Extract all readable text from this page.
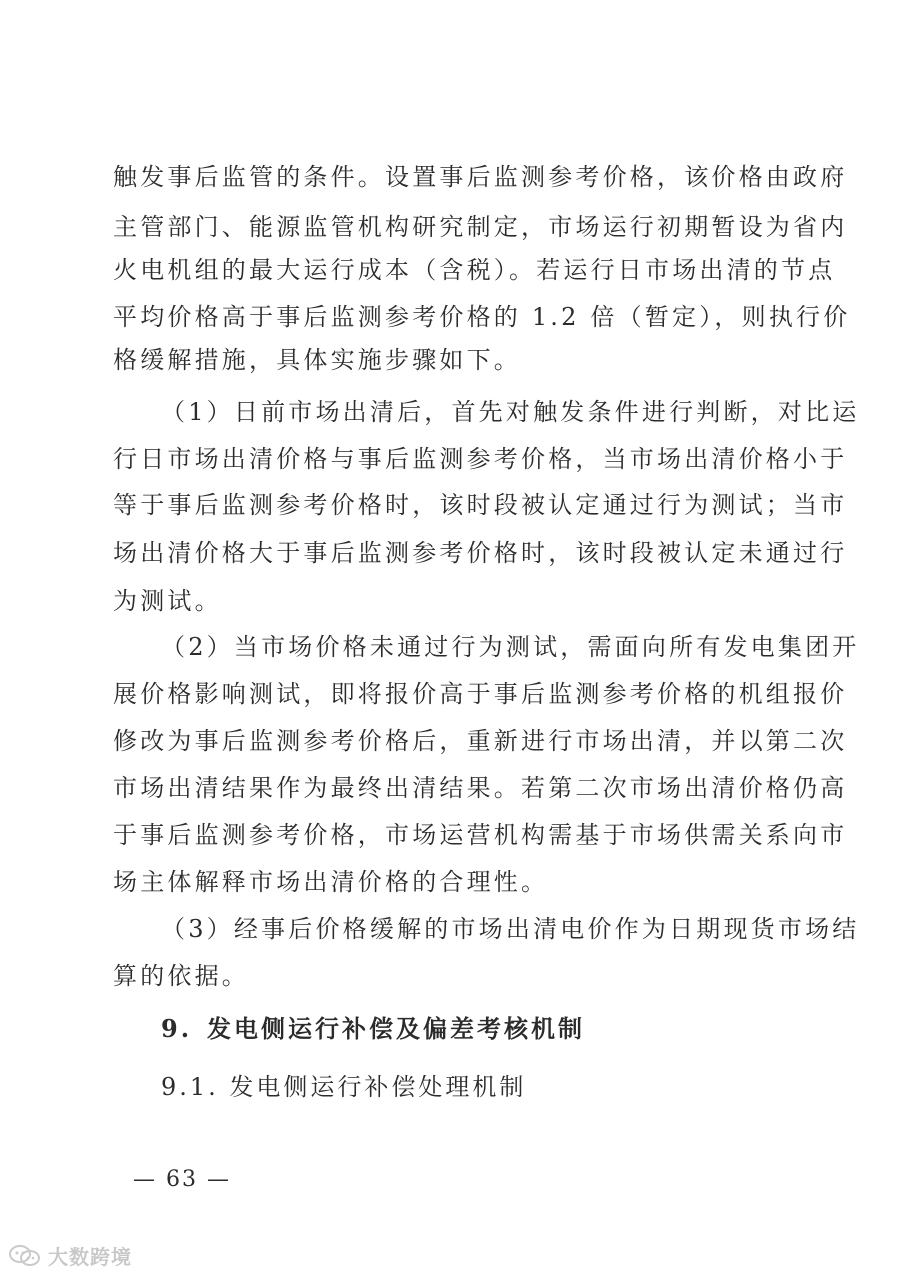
触发事后监管的条件。设置事后监测参考价格，该价格由政府
主管部门、能源监管机构研究制定，市场运行初期暂设为省内
火电机组的最大运行成本（含税）。若运行日市场出清的节点
平均价格高于事后监测参考价格的 1.2 倍（暂定），则执行价
格缓解措施，具体实施步骤如下。
（1）日前市场出清后，首先对触发条件进行判断，对比运
行日市场出清价格与事后监测参考价格，当市场出清价格小于
等于事后监测参考价格时，该时段被认定通过行为测试；当市
场出清价格大于事后监测参考价格时，该时段被认定未通过行
为测试。
（2）当市场价格未通过行为测试，需面向所有发电集团开
展价格影响测试，即将报价高于事后监测参考价格的机组报价
修改为事后监测参考价格后，重新进行市场出清，并以第二次
市场出清结果作为最终出清结果。若第二次市场出清价格仍高
于事后监测参考价格，市场运营机构需基于市场供需关系向市
场主体解释市场出清价格的合理性。
（3）经事后价格缓解的市场出清电价作为日期现货市场结
算的依据。
9. 发电侧运行补偿及偏差考核机制
9.1. 发电侧运行补偿处理机制
— 63 —
大数跨境
